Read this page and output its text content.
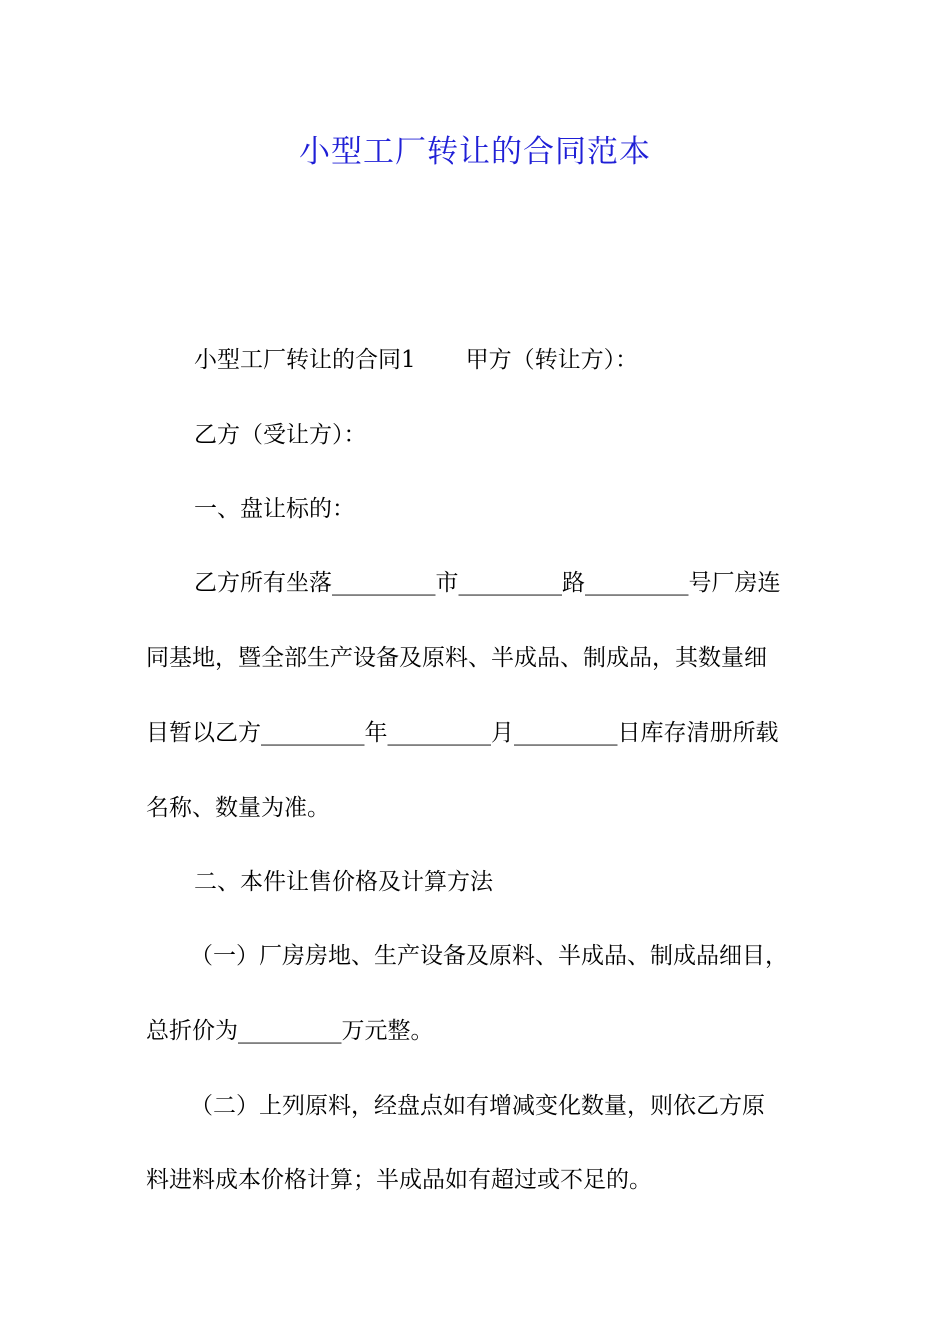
小型工厂转让的合同范本
小型工厂转让的合同1 甲方（转让方）：
乙方（受让方）：
一、盘让标的：
乙方所有坐落_________市_________路_________号厂房连
同基地，暨全部生产设备及原料、半成品、制成品，其数量细
目暂以乙方_________年_________月_________日库存清册所载
名称、数量为准。
二、本件让售价格及计算方法
（一）厂房房地、生产设备及原料、半成品、制成品细目，
总折价为_________万元整。
（二）上列原料，经盘点如有增减变化数量，则依乙方原
料进料成本价格计算；半成品如有超过或不足的。
